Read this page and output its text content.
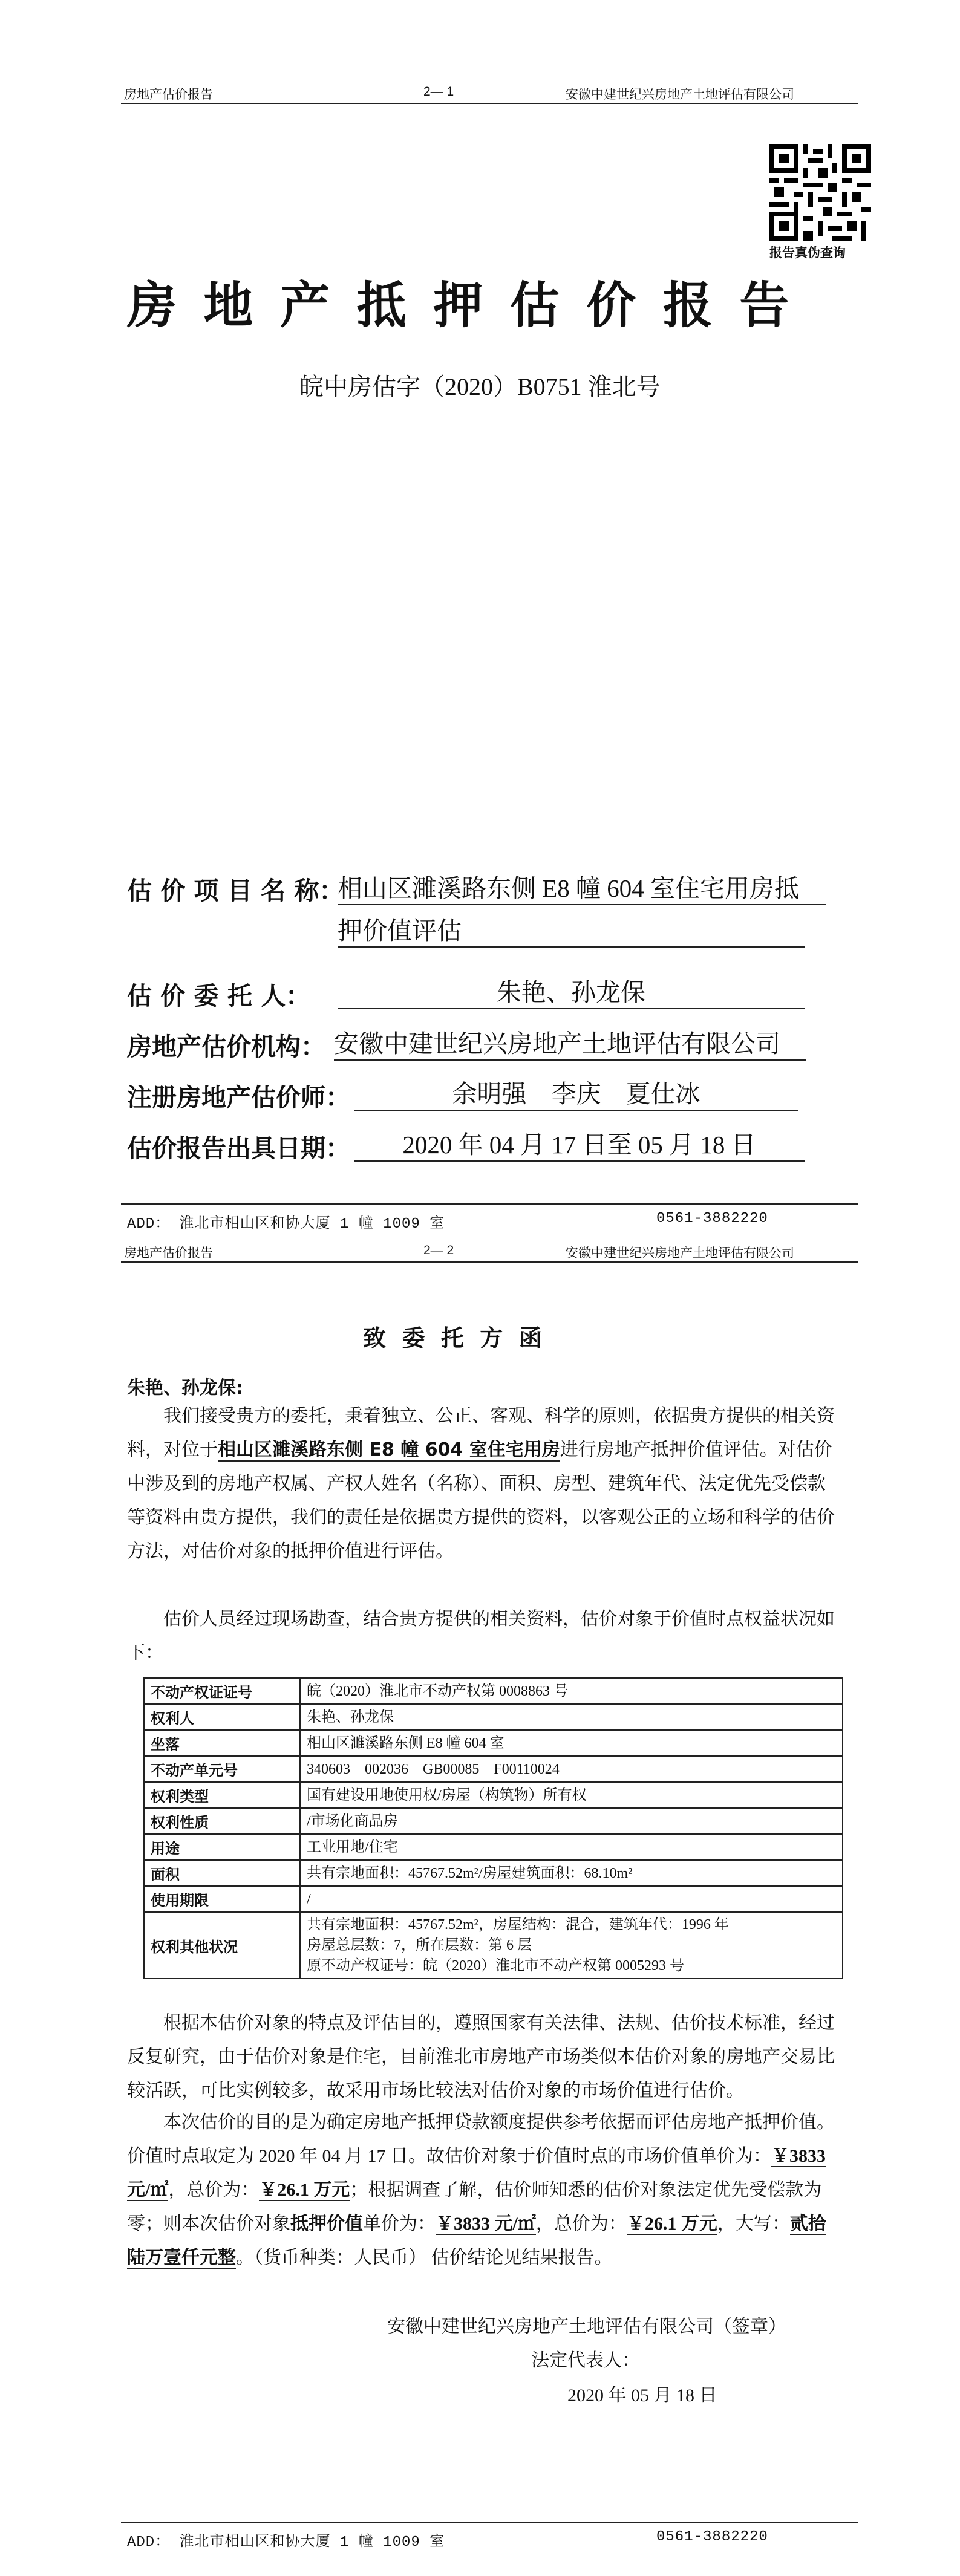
房地产估价报告	2— 1	安徽中建世纪兴房地产土地评估有限公司
报告真伪查询
房 地 产 抵 押 估 价 报 告
皖中房估字（2020）B0751 淮北号
估 价 项 目 名 称：
相山区濉溪路东侧 E8 幢 604 室住宅用房抵
押价值评估
估 价 委 托 人：	朱艳、孙龙保
房地产估价机构： 安徽中建世纪兴房地产土地评估有限公司
注册房地产估价师：	余明强    李庆    夏仕冰
估价报告出具日期：	2020 年 04 月 17 日至 05 月 18 日
ADD： 淮北市相山区和协大厦 1 幢 1009 室	0561-3882220
房地产估价报告	2— 2	安徽中建世纪兴房地产土地评估有限公司
致  委  托  方  函
朱艳、孙龙保:
我们接受贵方的委托，秉着独立、公正、客观、科学的原则，依据贵方提供的相关资料，对位于相山区濉溪路东侧 E8 幢 604 室住宅用房进行房地产抵押价值评估。对估价中涉及到的房地产权属、产权人姓名（名称）、面积、房型、建筑年代、法定优先受偿款等资料由贵方提供，我们的责任是依据贵方提供的资料，以客观公正的立场和科学的估价方法，对估价对象的抵押价值进行评估。
估价人员经过现场勘查，结合贵方提供的相关资料，估价对象于价值时点权益状况如下：
不动产权证证号	皖（2020）淮北市不动产权第 0008863 号

权利人	朱艳、孙龙保

坐落	相山区濉溪路东侧 E8 幢 604 室

不动产单元号	340603    002036    GB00085    F00110024

权利类型	国有建设用地使用权/房屋（构筑物）所有权

权利性质	/市场化商品房

用途	工业用地/住宅

面积	共有宗地面积：45767.52m²/房屋建筑面积：68.10m²

使用期限	/

权利其他状况	共有宗地面积：45767.52m²，房屋结构：混合，建筑年代：1996 年
房屋总层数：7，所在层数：第 6 层
原不动产权证号：皖（2020）淮北市不动产权第 0005293 号
根据本估价对象的特点及评估目的，遵照国家有关法律、法规、估价技术标准，经过反复研究，由于估价对象是住宅，目前淮北市房地产市场类似本估价对象的房地产交易比较活跃，可比实例较多，故采用市场比较法对估价对象的市场价值进行估价。
本次估价的目的是为确定房地产抵押贷款额度提供参考依据而评估房地产抵押价值。价值时点取定为 2020 年 04 月 17 日。故估价对象于价值时点的市场价值单价为：￥3833 元/㎡，总价为：￥26.1 万元；根据调查了解，估价师知悉的估价对象法定优先受偿款为零；则本次估价对象抵押价值单价为：￥3833 元/㎡，总价为：￥26.1 万元，大写：贰拾陆万壹仟元整。（货币种类：人民币） 估价结论见结果报告。
安徽中建世纪兴房地产土地评估有限公司（签章）
法定代表人：
2020 年 05 月 18 日
ADD： 淮北市相山区和协大厦 1 幢 1009 室	0561-3882220
